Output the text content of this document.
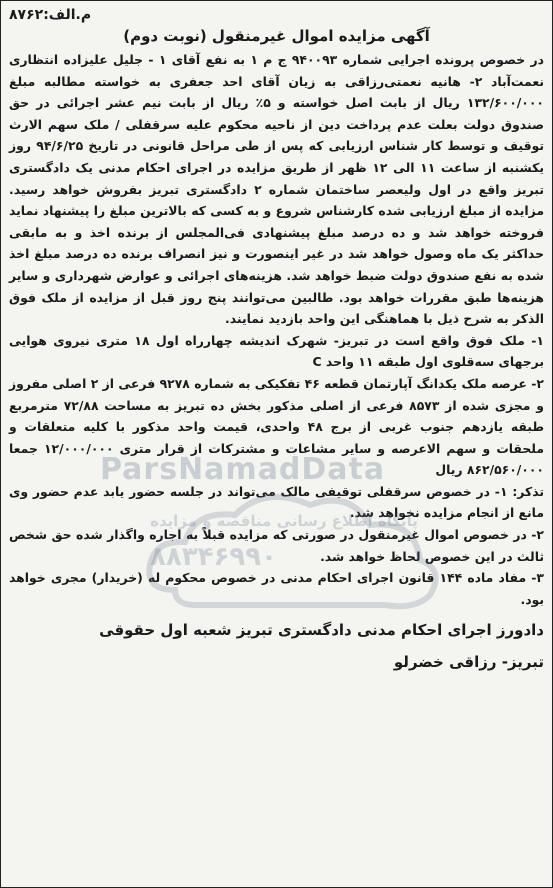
م.الف:۸۷۶۲
آگهی مزایده اموال غیرمنقول (نوبت دوم)

در خصوص پرونده اجرایی شماره ۹۴۰۰۹۳ ج م ۱ به نفع آقای ۱ - جلیل علیزاده انتظاری نعمت‌آباد ۲- هانیه نعمتی‌رزاقی به زیان آقای احد جعفری به خواسته مطالبه مبلغ ۱۳۲/۶۰۰/۰۰۰ ریال از بابت اصل خواسته و ۵٪ ریال از بابت نیم عشر اجرائی در حق صندوق دولت بعلت عدم پرداخت دین از ناحیه محکوم علیه سرقفلی / ملک سهم الارث توقیف و توسط کار شناس ارزیابی که پس از طی مراحل قانونی در تاریخ ۹۴/۶/۲۵ روز یکشنبه از ساعت ۱۱ الی ۱۲ ظهر از طریق مزایده در اجرای احکام مدنی یک دادگستری تبریز واقع در اول ولیعصر ساختمان شماره ۲ دادگستری تبریز بفروش خواهد رسید. مزایده از مبلغ ارزیابی شده کارشناس شروع و به کسی که بالاترین مبلغ را پیشنهاد نماید فروخته خواهد شد و ده درصد مبلغ پیشنهادی فی‌المجلس از برنده اخذ و به مابقی حداکثر یک ماه وصول خواهد شد در غیر اینصورت و نیز انصراف برنده ده درصد مبلغ اخذ شده به نفع صندوق دولت ضبط خواهد شد. هزینه‌های اجرائی و عوارض شهرداری و سایر هزینه‌ها طبق مقررات خواهد بود. طالبین می‌توانند پنج روز قبل از مزایده از ملک فوق الذکر به شرح ذیل با هماهنگی این واحد بازدید نمایند.

۱- ملک فوق واقع است در تبریز- شهرک اندیشه چهارراه اول ۱۸ متری نیروی هوایی برجهای سه‌قلوی اول طبقه ۱۱ واحد C

۲- عرصه ملک یکدانگ آپارتمان قطعه ۴۶ تفکیکی به شماره ۹۲۷۸ فرعی از ۲ اصلی مفروز و مجزی شده از ۸۵۷۳ فرعی از اصلی مذکور بخش ده تبریز به مساحت ۷۲/۸۸ مترمربع طبقه یازدهم جنوب غربی از برج ۴۸ واحدی، قیمت واحد مذکور با کلیه متعلقات و ملحقات و سهم الاعرصه و سایر مشاعات و مشترکات از قرار متری ۱۲/۰۰۰/۰۰۰ جمعا ۸۶۲/۵۶۰/۰۰۰ ریال

تذکر: ۱- در خصوص سرقفلی توقیفی مالک می‌تواند در جلسه حضور یابد عدم حضور وی مانع از انجام مزایده نخواهد شد.

۲- در خصوص اموال غیرمنقول در صورتی که مزایده قبلاً به اجاره واگذار شده حق شخص ثالث در این خصوص لحاظ خواهد شد.

۳- مفاد ماده ۱۴۴ قانون اجرای احکام مدنی در خصوص محکوم له (خریدار) مجری خواهد بود.

دادورز اجرای احکام مدنی دادگستری تبریز شعبه اول حقوقی
تبریز- رزاقی خضرلو
ParsNamadData
پایگاه اطلاع رسانی مناقصه و مزایده
۸۸۳۴۶۹۹۰
